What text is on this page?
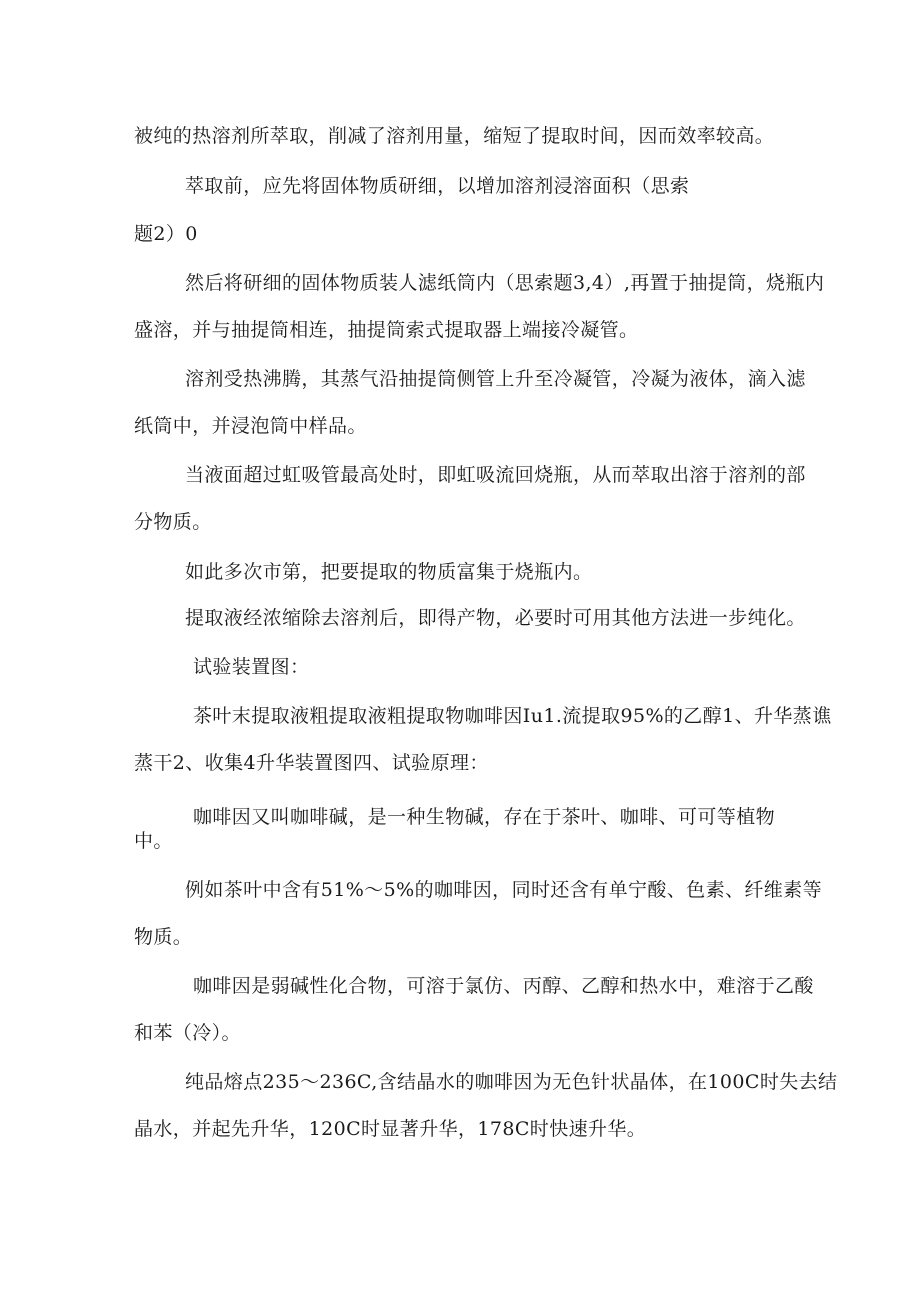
被纯的热溶剂所萃取，削减了溶剂用量，缩短了提取时间，因而效率较高。

萃取前，应先将固体物质研细，以增加溶剂浸溶面积（思索

题2）0

然后将研细的固体物质装人滤纸筒内（思索题3,4）,再置于抽提筒，烧瓶内

盛溶，并与抽提筒相连，抽提筒索式提取器上端接冷凝管。

溶剂受热沸腾，其蒸气沿抽提筒侧管上升至冷凝管，冷凝为液体，滴入滤

纸筒中，并浸泡筒中样品。

当液面超过虹吸管最高处时，即虹吸流回烧瓶，从而萃取出溶于溶剂的部

分物质。

如此多次市第，把要提取的物质富集于烧瓶内。

提取液经浓缩除去溶剂后，即得产物，必要时可用其他方法进一步纯化。

试验装置图：

茶叶末提取液粗提取液粗提取物咖啡因Iu1.流提取95%的乙醇1、升华蒸谯

蒸干2、收集4升华装置图四、试验原理：

咖啡因又叫咖啡碱，是一种生物碱，存在于茶叶、咖啡、可可等植物

中。

例如茶叶中含有51%～5%的咖啡因，同时还含有单宁酸、色素、纤维素等

物质。

咖啡因是弱碱性化合物，可溶于氯仿、丙醇、乙醇和热水中，难溶于乙酸

和苯（冷）。

纯品熔点235～236C,含结晶水的咖啡因为无色针状晶体，在100C时失去结

晶水，并起先升华，120C时显著升华，178C时快速升华。
